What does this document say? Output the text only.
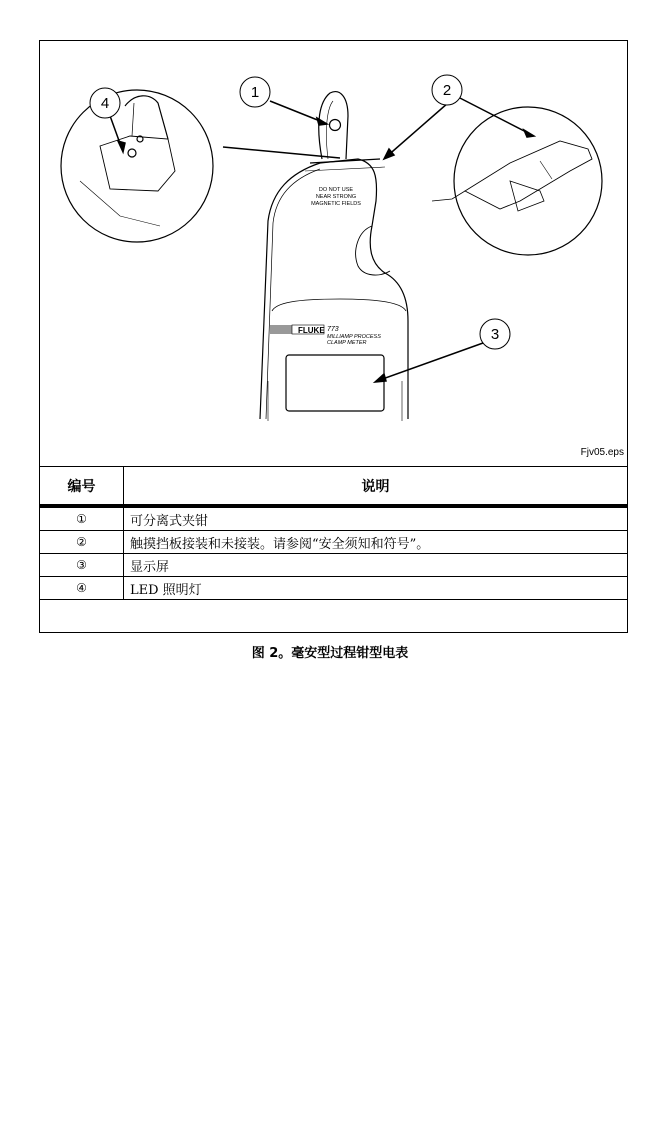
1	2
3
4
DO NOT USE
NEAR STRONG
MAGNETIC FIELDS
FLUKE 773
MILLIAMP PROCESS
CLAMP METER
Fjv05.eps
编号	说明
①	可分离式夹钳
②	触摸挡板接装和未接装。请参阅“安全须知和符号”。
③	显示屏
④	LED 照明灯
图 2。毫安型过程钳型电表
